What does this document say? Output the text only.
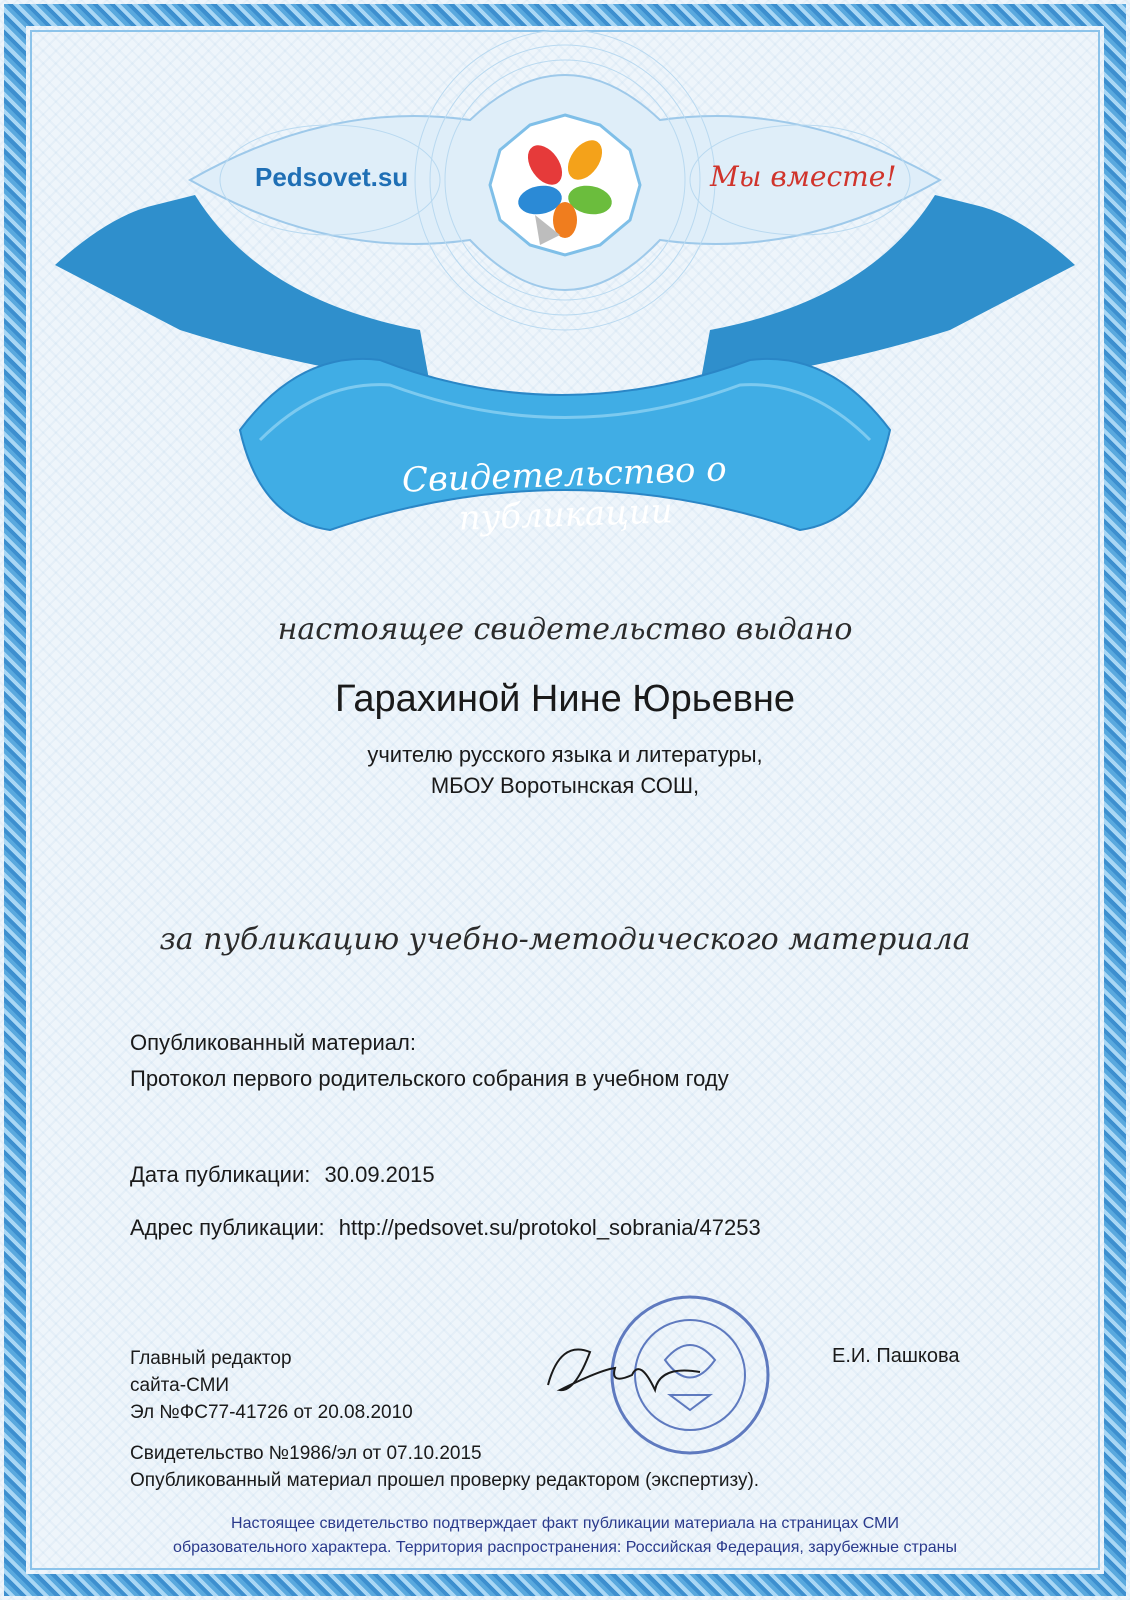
Pedsovet.su	Мы вместе!
Свидетельство о публикации
настоящее свидетельство выдано
Гарахиной Нине Юрьевне
учителю русского языка и литературы,
МБОУ Воротынская СОШ,
за публикацию учебно-методического материала
Опубликованный материал:
Протокол первого родительского собрания в учебном году
Дата публикации: 30.09.2015
Адрес публикации: http://pedsovet.su/protokol_sobrania/47253
Главный редактор
сайта-СМИ
Эл №ФС77-41726 от 20.08.2010
Е.И. Пашкова
Свидетельство №1986/эл от 07.10.2015
Опубликованный материал прошел проверку редактором (экспертизу).
Настоящее свидетельство подтверждает факт публикации материала на страницах СМИ
образовательного характера. Территория распространения: Российская Федерация, зарубежные страны
